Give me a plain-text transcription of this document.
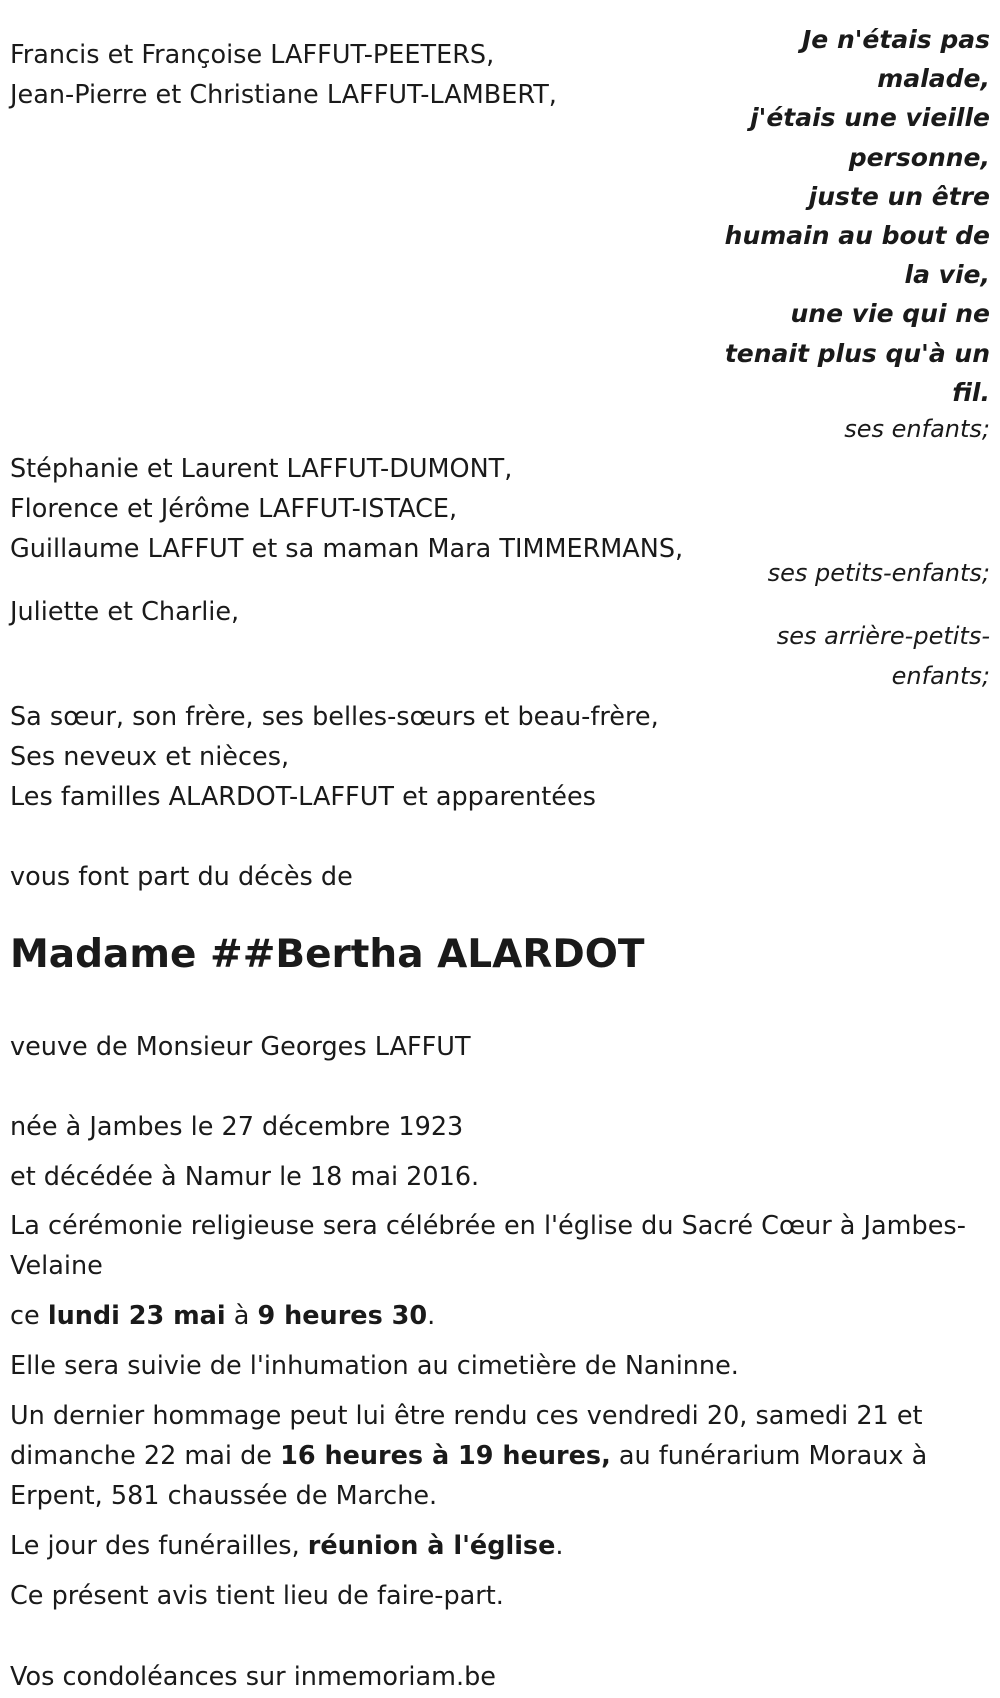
Francis et Françoise LAFFUT-PEETERS,
Jean-Pierre et Christiane LAFFUT-LAMBERT,
Je n'étais pas malade,
j'étais une vieille personne,
juste un être humain au bout de la vie,
une vie qui ne tenait plus qu'à un fil.
ses enfants;
Stéphanie et Laurent LAFFUT-DUMONT,
Florence et Jérôme LAFFUT-ISTACE,
Guillaume LAFFUT et sa maman Mara TIMMERMANS,
ses petits-enfants;
Juliette et Charlie,
ses arrière-petits-enfants;
Sa sœur, son frère, ses belles-sœurs et beau-frère,
Ses neveux et nièces,
Les familles ALARDOT-LAFFUT et apparentées
vous font part du décès de
Madame ##Bertha ALARDOT
veuve de Monsieur Georges LAFFUT
née à Jambes le 27 décembre 1923
et décédée à Namur le 18 mai 2016.
La cérémonie religieuse sera célébrée en l'église du Sacré Cœur à Jambes-Velaine
ce lundi 23 mai à 9 heures 30.
Elle sera suivie de l'inhumation au cimetière de Naninne.
Un dernier hommage peut lui être rendu ces vendredi 20, samedi 21 et dimanche 22 mai de 16 heures à 19 heures, au funérarium Moraux à Erpent, 581 chaussée de Marche.
Le jour des funérailles, réunion à l'église.
Ce présent avis tient lieu de faire-part.
Vos condoléances sur inmemoriam.be
